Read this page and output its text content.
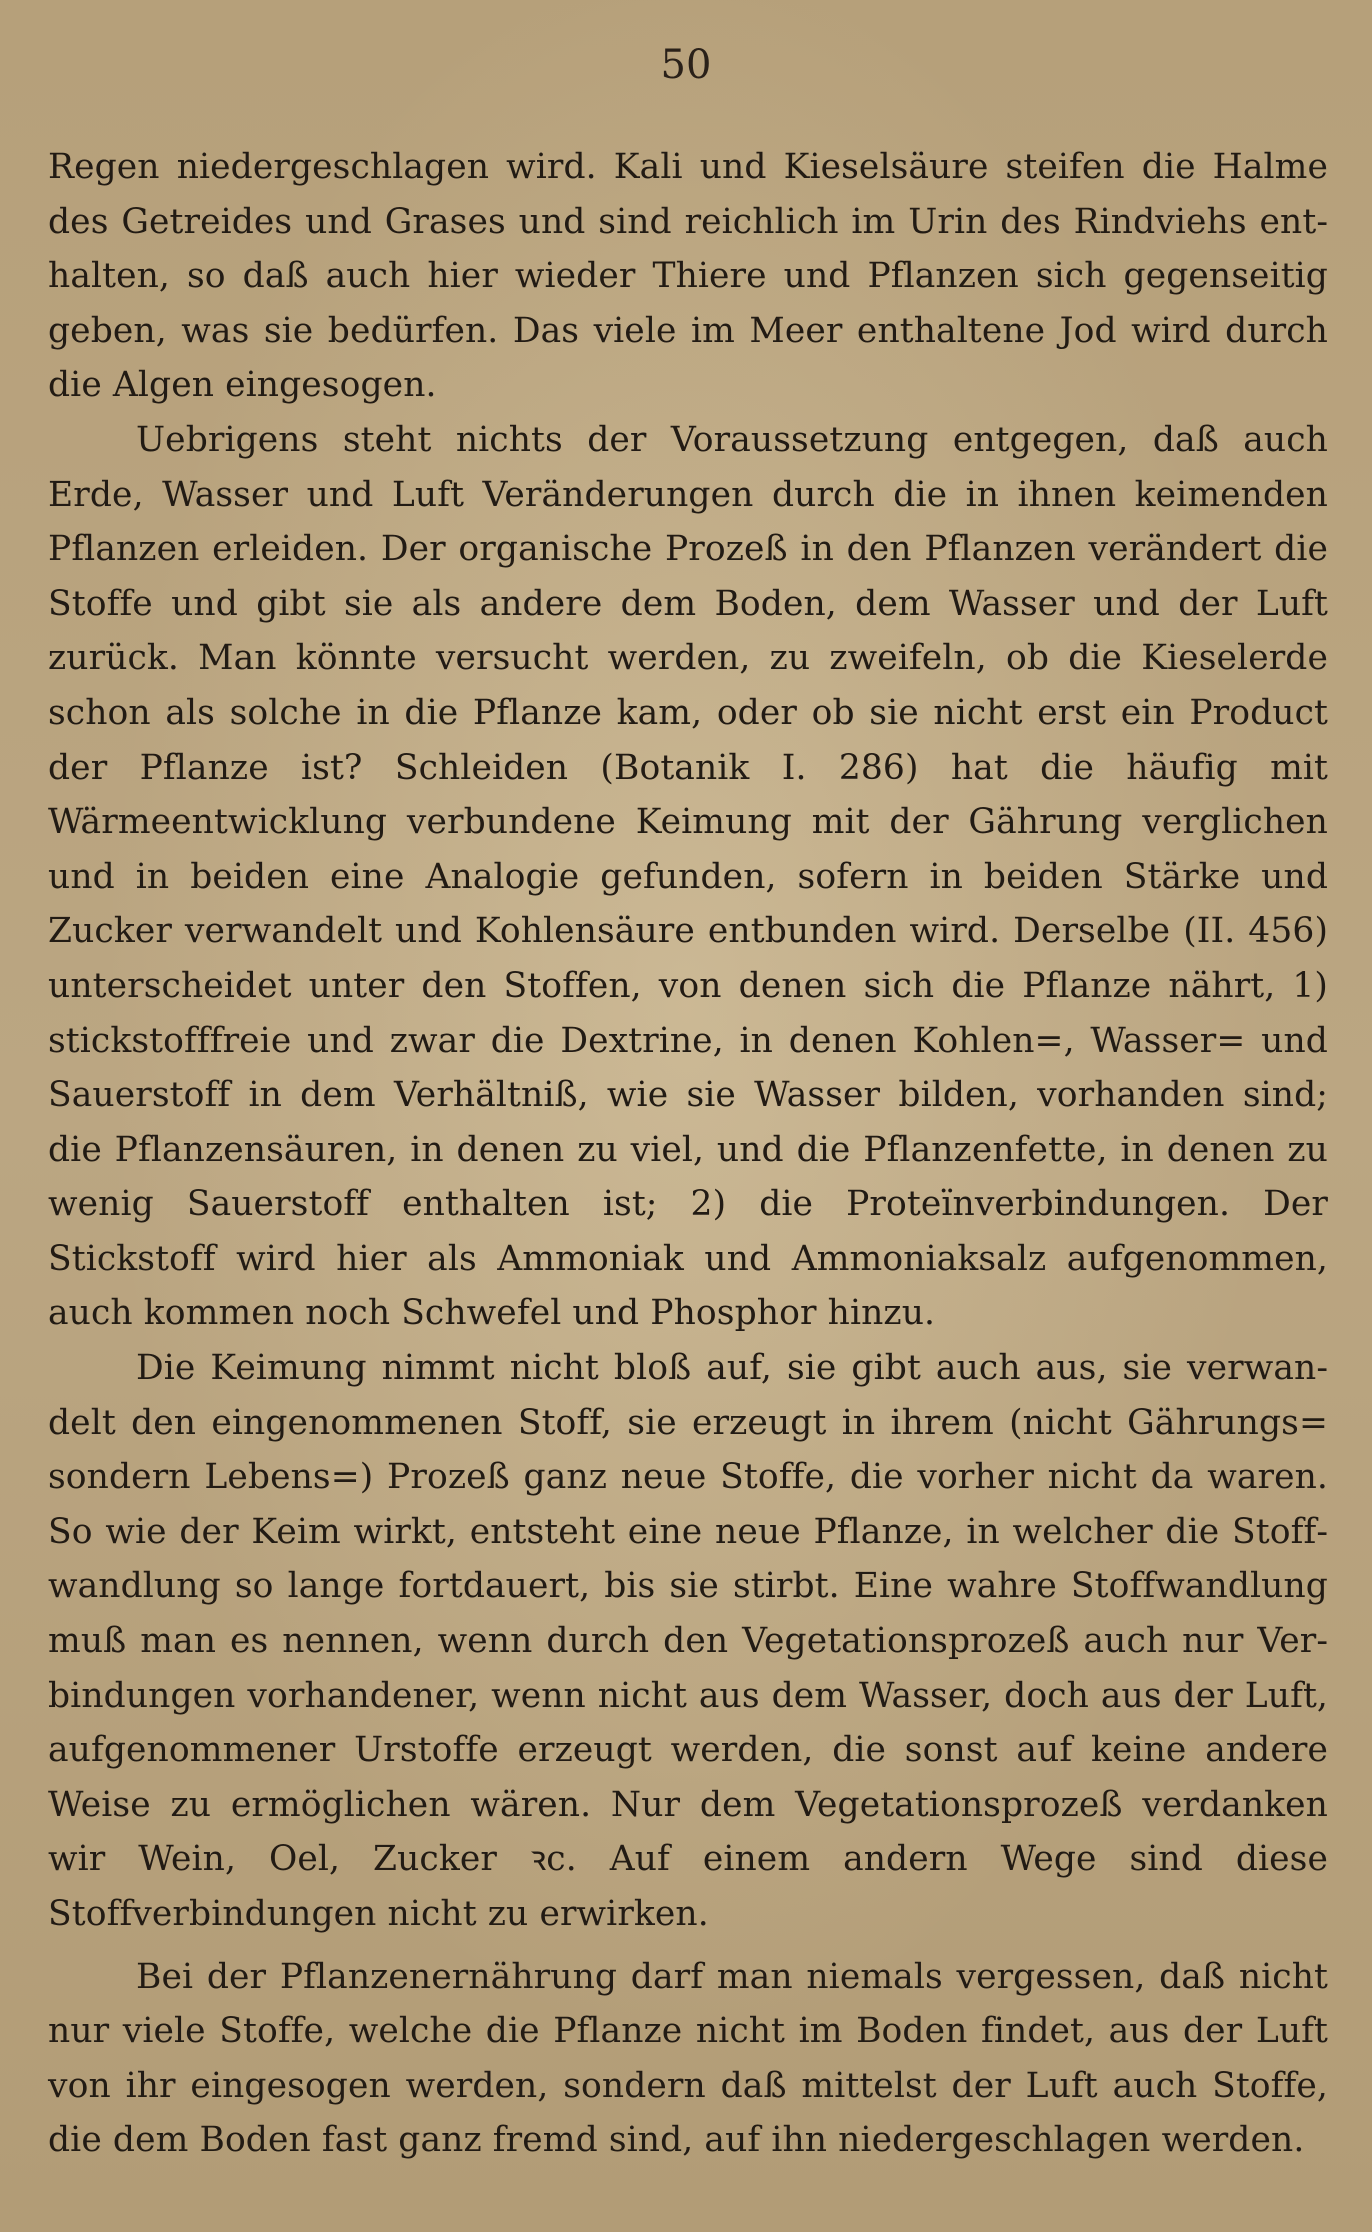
50

Regen niedergeschlagen wird. Kali und Kieselsäure steifen die Halme des Getreides und Grases und sind reichlich im Urin des Rindviehs enthalten, so daß auch hier wieder Thiere und Pflanzen sich gegenseitig geben, was sie bedürfen. Das viele im Meer enthaltene Jod wird durch die Algen eingesogen.

Uebrigens steht nichts der Voraussetzung entgegen, daß auch Erde, Wasser und Luft Veränderungen durch die in ihnen keimenden Pflanzen erleiden. Der organische Prozeß in den Pflanzen verändert die Stoffe und gibt sie als andere dem Boden, dem Wasser und der Luft zurück. Man könnte versucht werden, zu zweifeln, ob die Kieselerde schon als solche in die Pflanze kam, oder ob sie nicht erst ein Product der Pflanze ist? Schleiden (Botanik I. 286) hat die häufig mit Wärmeentwicklung verbundene Keimung mit der Gährung verglichen und in beiden eine Analogie gefunden, sofern in beiden Stärke und Zucker verwandelt und Kohlensäure entbunden wird. Derselbe (II. 456) unterscheidet unter den Stoffen, von denen sich die Pflanze nährt, 1) stickstofffreie und zwar die Dextrine, in denen Kohlen=, Wasser= und Sauerstoff in dem Verhältniß, wie sie Wasser bilden, vorhanden sind; die Pflanzensäuren, in denen zu viel, und die Pflanzenfette, in denen zu wenig Sauerstoff enthalten ist; 2) die Proteïnverbindungen. Der Stickstoff wird hier als Ammoniak und Ammoniaksalz aufgenommen, auch kommen noch Schwefel und Phosphor hinzu.

Die Keimung nimmt nicht bloß auf, sie gibt auch aus, sie verwandelt den eingenommenen Stoff, sie erzeugt in ihrem (nicht Gährungs= sondern Lebens=) Prozeß ganz neue Stoffe, die vorher nicht da waren. So wie der Keim wirkt, entsteht eine neue Pflanze, in welcher die Stoffwandlung so lange fortdauert, bis sie stirbt. Eine wahre Stoffwandlung muß man es nennen, wenn durch den Vegetationsprozeß auch nur Verbindungen vorhandener, wenn nicht aus dem Wasser, doch aus der Luft, aufgenommener Urstoffe erzeugt werden, die sonst auf keine andere Weise zu ermöglichen wären. Nur dem Vegetationsprozeß verdanken wir Wein, Oel, Zucker ꝛc. Auf einem andern Wege sind diese Stoffverbindungen nicht zu erwirken.

Bei der Pflanzenernährung darf man niemals vergessen, daß nicht nur viele Stoffe, welche die Pflanze nicht im Boden findet, aus der Luft von ihr eingesogen werden, sondern daß mittelst der Luft auch Stoffe, die dem Boden fast ganz fremd sind, auf ihn niedergeschlagen werden.
